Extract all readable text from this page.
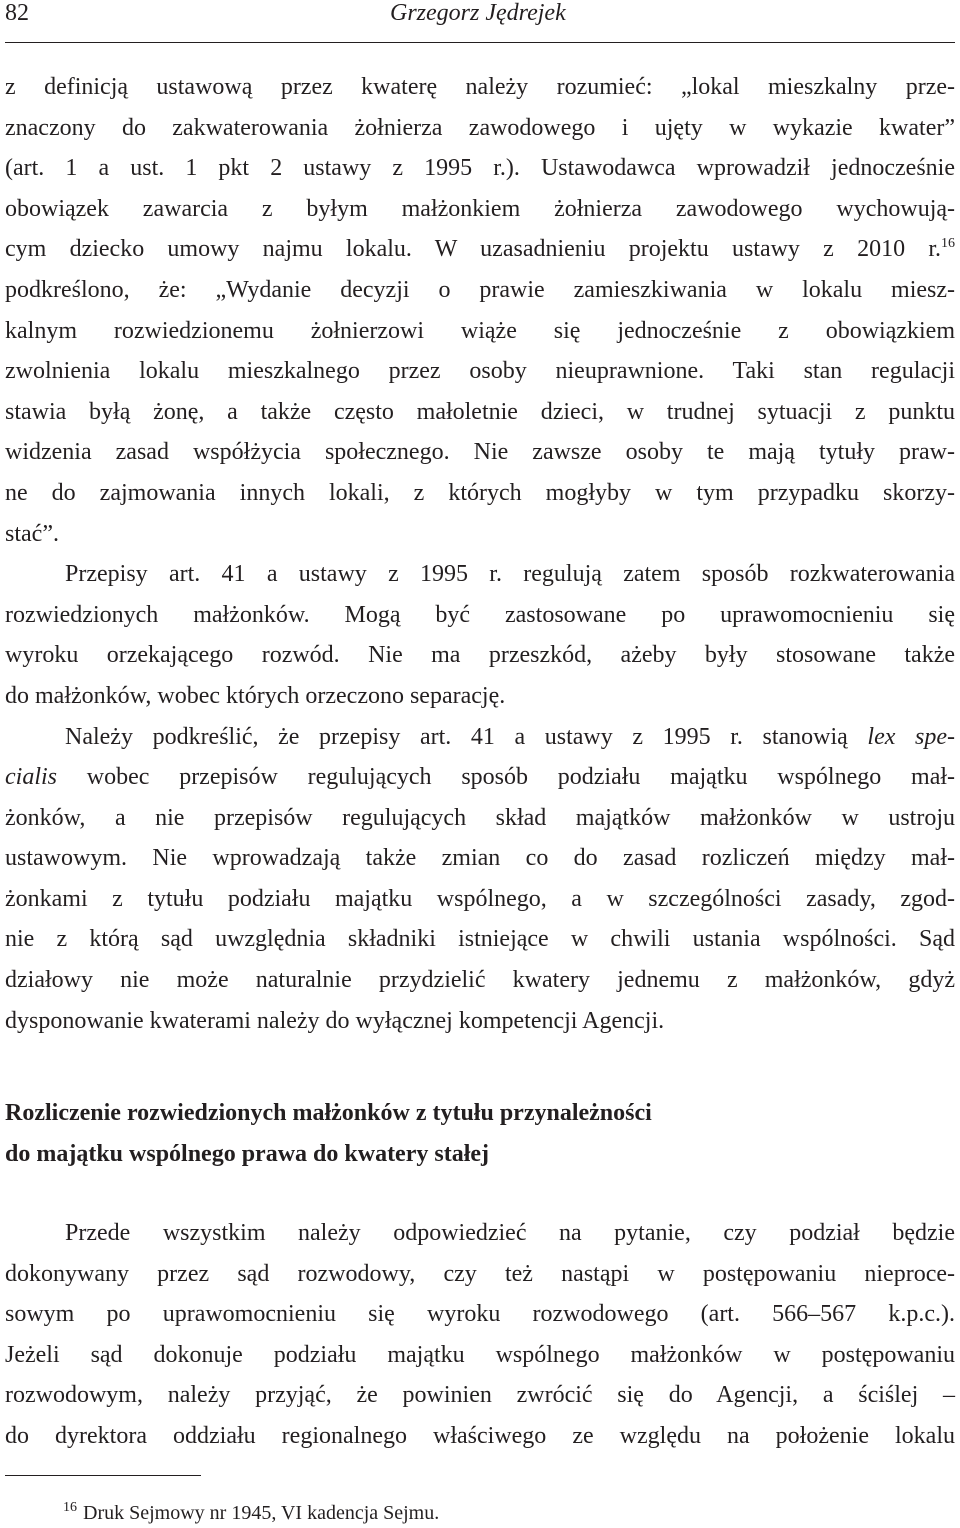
82	Grzegorz Jędrejek
z definicją ustawową przez kwaterę należy rozumieć: „lokal mieszkalny prze-
znaczony do zakwaterowania żołnierza zawodowego i ujęty w wykazie kwater”
(art. 1 a ust. 1 pkt 2 ustawy z 1995 r.). Ustawodawca wprowadził jednocześnie
obowiązek zawarcia z byłym małżonkiem żołnierza zawodowego wychowują-
cym dziecko umowy najmu lokalu. W uzasadnieniu projektu ustawy z 2010 r.$^{16}$
podkreślono, że: „Wydanie decyzji o prawie zamieszkiwania w lokalu miesz-
kalnym rozwiedzionemu żołnierzowi wiąże się jednocześnie z obowiązkiem
zwolnienia lokalu mieszkalnego przez osoby nieuprawnione. Taki stan regulacji
stawia byłą żonę, a także często małoletnie dzieci, w trudnej sytuacji z punktu
widzenia zasad współżycia społecznego. Nie zawsze osoby te mają tytuły praw-
ne do zajmowania innych lokali, z których mogłyby w tym przypadku skorzy-
stać”.
Przepisy art. 41 a ustawy z 1995 r. regulują zatem sposób rozkwaterowania
rozwiedzionych małżonków. Mogą być zastosowane po uprawomocnieniu się
wyroku orzekającego rozwód. Nie ma przeszkód, ażeby były stosowane także
do małżonków, wobec których orzeczono separację.
Należy podkreślić, że przepisy art. 41 a ustawy z 1995 r. stanowią lex spe-
cialis wobec przepisów regulujących sposób podziału majątku wspólnego mał-
żonków, a nie przepisów regulujących skład majątków małżonków w ustroju
ustawowym. Nie wprowadzają także zmian co do zasad rozliczeń między mał-
żonkami z tytułu podziału majątku wspólnego, a w szczególności zasady, zgod-
nie z którą sąd uwzględnia składniki istniejące w chwili ustania wspólności. Sąd
działowy nie może naturalnie przydzielić kwatery jednemu z małżonków, gdyż
dysponowanie kwaterami należy do wyłącznej kompetencji Agencji.
Rozliczenie rozwiedzionych małżonków z tytułu przynależności
do majątku wspólnego prawa do kwatery stałej
Przede wszystkim należy odpowiedzieć na pytanie, czy podział będzie
dokonywany przez sąd rozwodowy, czy też nastąpi w postępowaniu nieproce-
sowym po uprawomocnieniu się wyroku rozwodowego (art. 566–567 k.p.c.).
Jeżeli sąd dokonuje podziału majątku wspólnego małżonków w postępowaniu
rozwodowym, należy przyjąć, że powinien zwrócić się do Agencji, a ściślej –
do dyrektora oddziału regionalnego właściwego ze względu na położenie lokalu
$^{16}$ Druk Sejmowy nr 1945, VI kadencja Sejmu.
